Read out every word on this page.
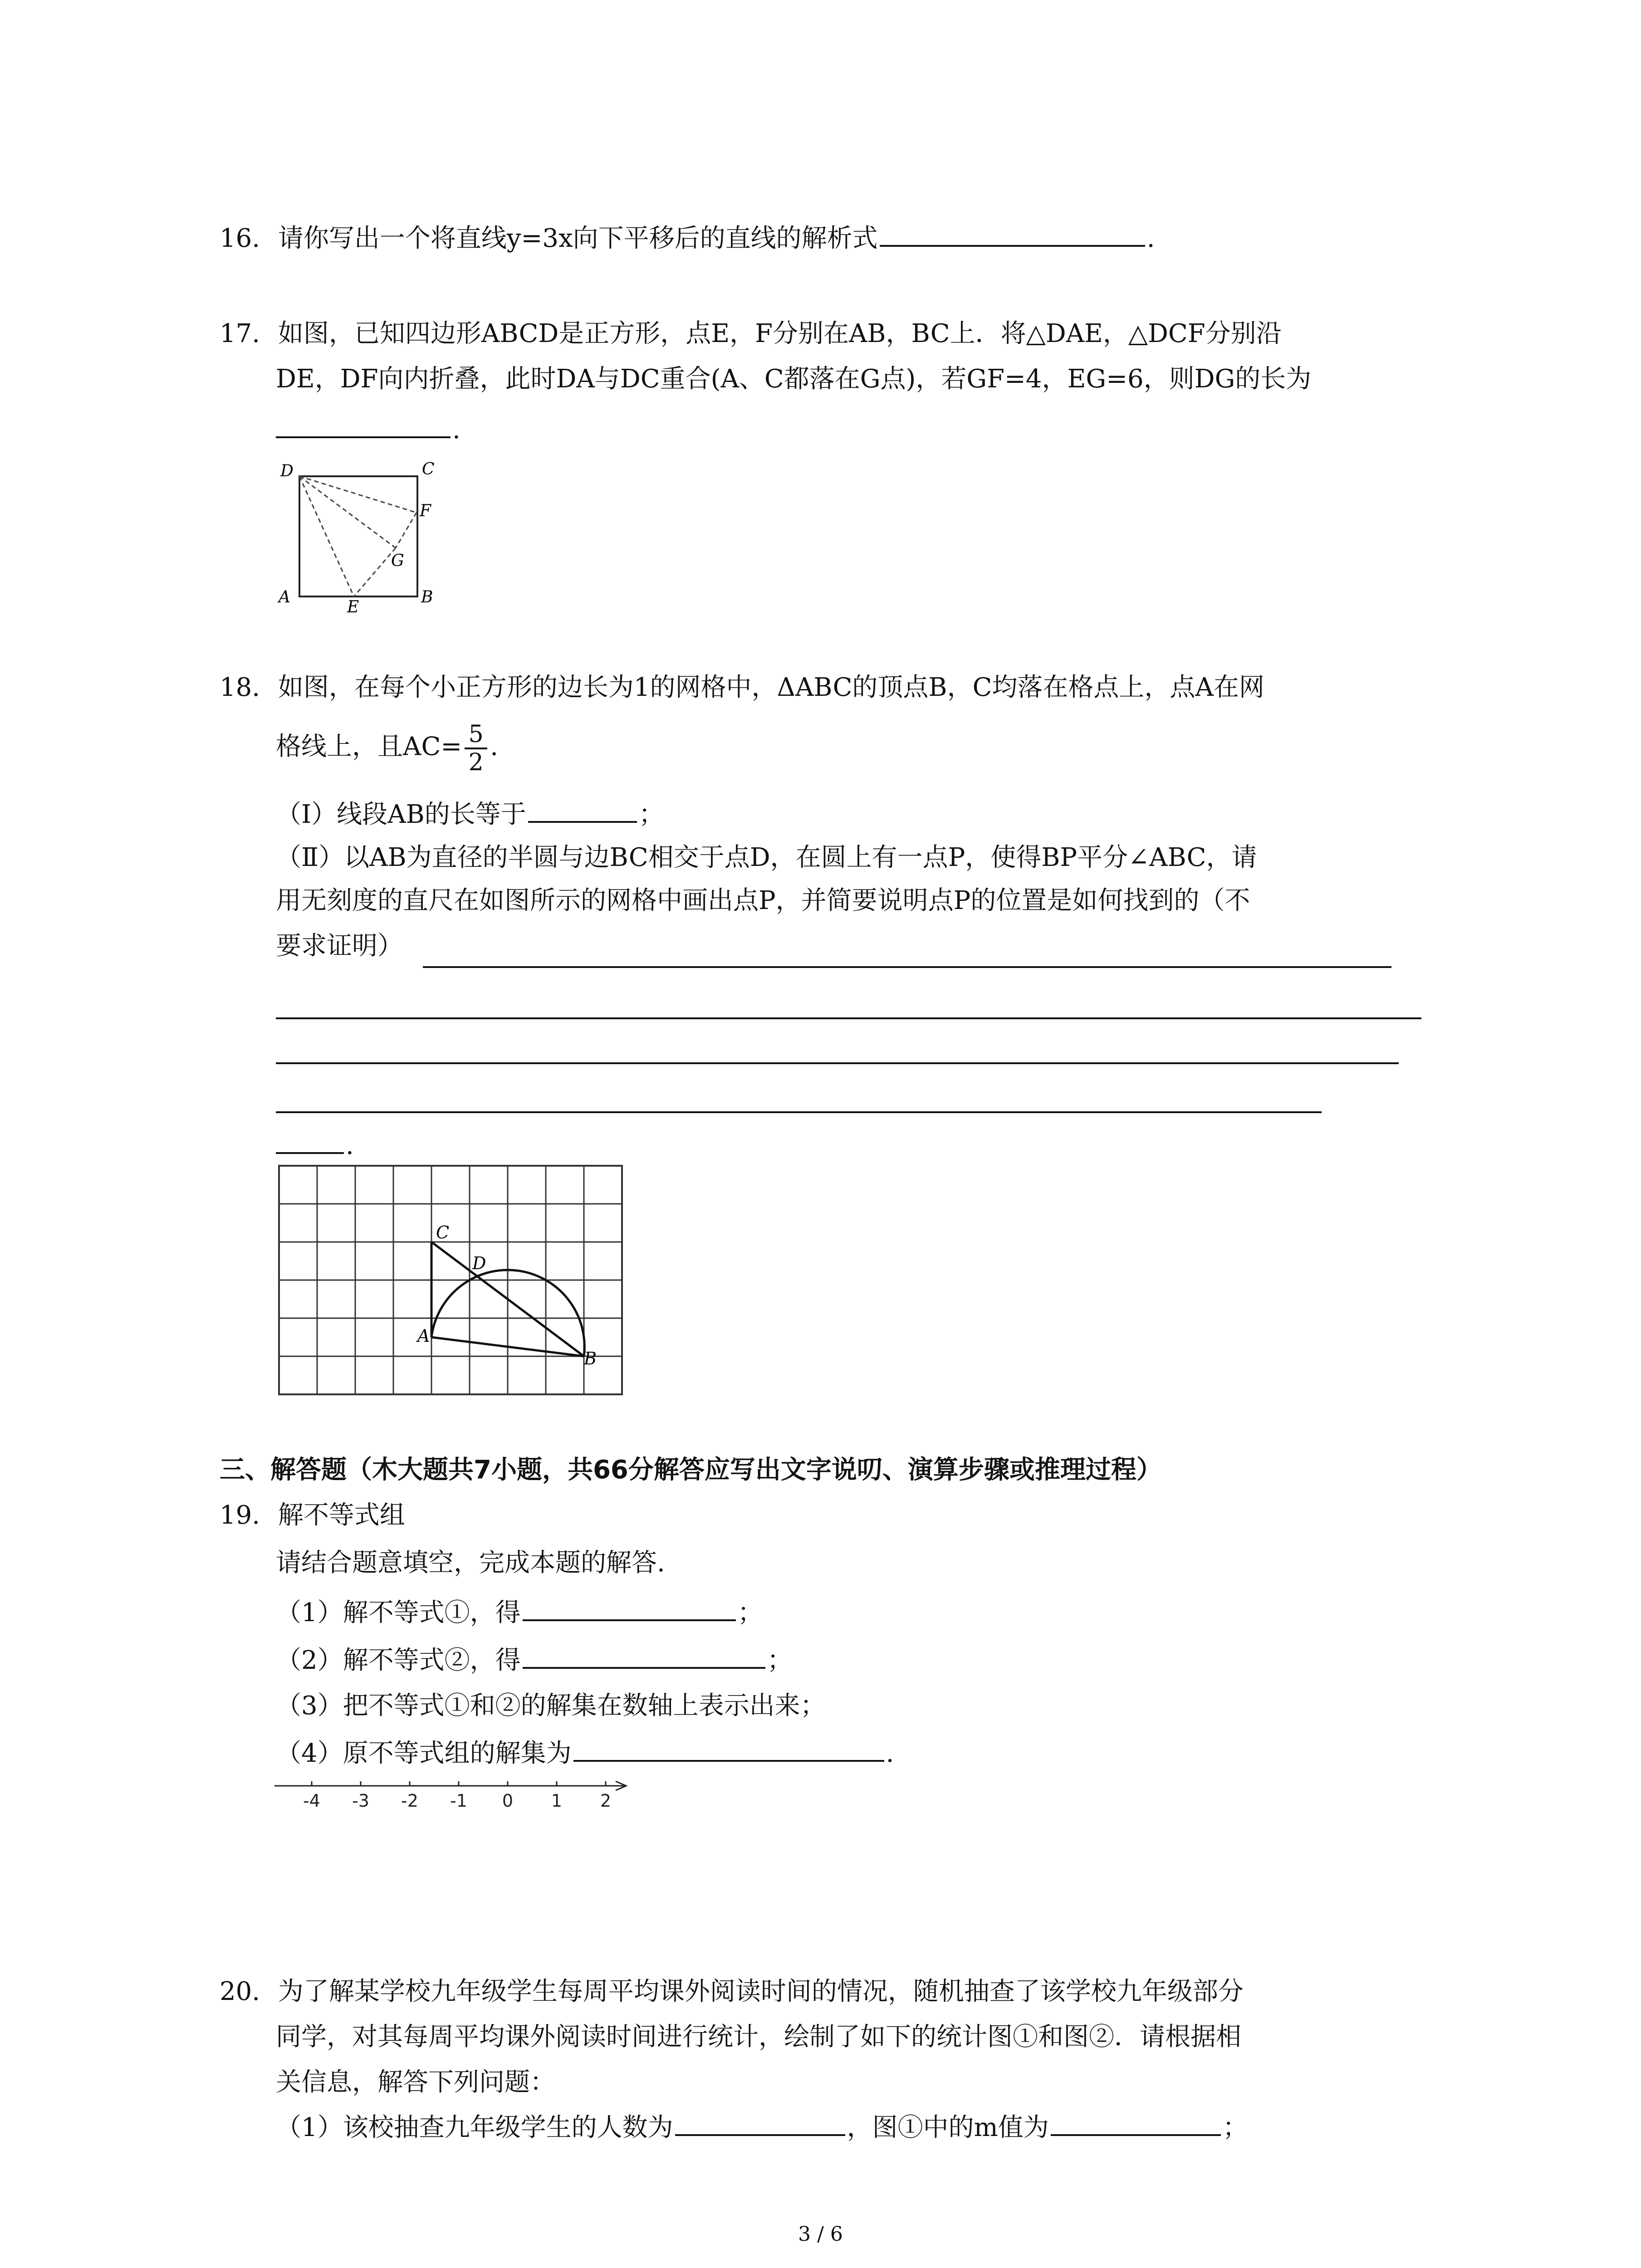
16. 请你写出一个将直线y=3x向下平移后的直线的解析式	.
17. 如图，已知四边形ABCD是正方形，点E，F分别在AB，BC上．将△DAE，△DCF分别沿
DE，DF向内折叠，此时DA与DC重合(A、C都落在G点)，若GF=4，EG=6，则DG的长为
.
D	C
F
G
A
E
B
18. 如图，在每个小正方形的边长为1的网格中，ΔABC的顶点B，C均落在格点上，点A在网
格线上，且$AC= \frac{5}{2}$ .
（Ⅰ）线段AB的长等于	；
（Ⅱ）以AB为直径的半圆与边BC相交于点D，在圆上有一点P，使得BP平分∠ABC，请
用无刻度的直尺在如图所示的网格中画出点P，并简要说明点P的位置是如何找到的（不
要求证明）
.
C
D
A
B
三、解答题（木大题共7小题，共66分解答应写出文字说叨、演算步骤或推理过程）
19. 解不等式组
请结合题意填空，完成本题的解答.
（1）解不等式①，得	；
（2）解不等式②，得	；
（3）把不等式①和②的解集在数轴上表示出来；
（4）原不等式组的解集为	.
-4 -3 -2 -1 0 1 2
20. 为了解某学校九年级学生每周平均课外阅读时间的情况，随机抽查了该学校九年级部分
同学，对其每周平均课外阅读时间进行统计，绘制了如下的统计图①和图②．请根据相
关信息，解答下列问题：
（1）该校抽查九年级学生的人数为	，图①中的m值为	；
3 / 6
